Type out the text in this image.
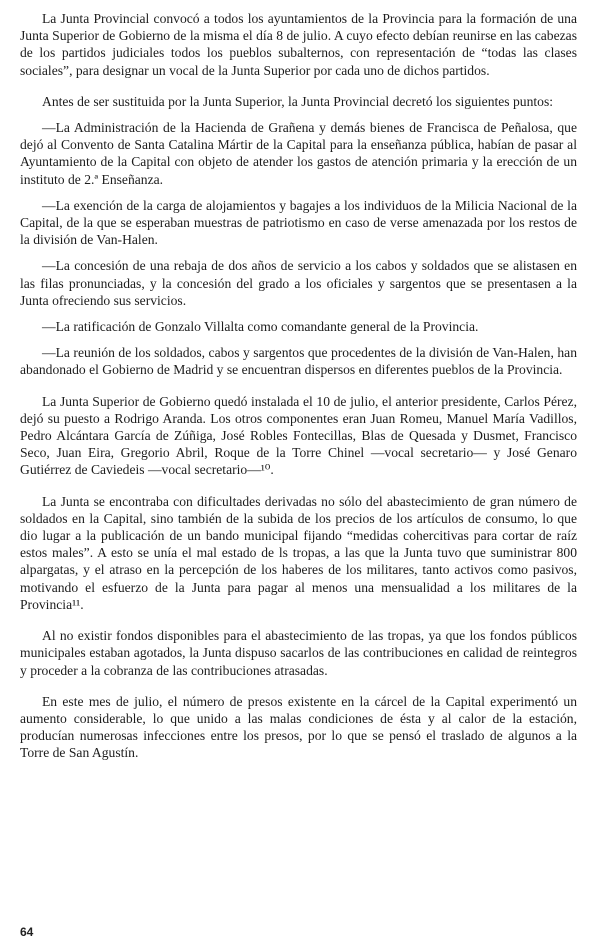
La Junta Provincial convocó a todos los ayuntamientos de la Provincia para la formación de una Junta Superior de Gobierno de la misma el día 8 de julio. A cuyo efecto debían reunirse en las cabezas de los partidos judiciales todos los pueblos subalternos, con representación de “todas las clases sociales”, para designar un vocal de la Junta Superior por cada uno de dichos partidos.

Antes de ser sustituida por la Junta Superior, la Junta Provincial decretó los siguientes puntos:

—La Administración de la Hacienda de Grañena y demás bienes de Francisca de Peñalosa, que dejó al Convento de Santa Catalina Mártir de la Capital para la enseñanza pública, habían de pasar al Ayuntamiento de la Capital con objeto de atender los gastos de atención primaria y la erección de un instituto de 2.ª Enseñanza.

—La exención de la carga de alojamientos y bagajes a los individuos de la Milicia Nacional de la Capital, de la que se esperaban muestras de patriotismo en caso de verse amenazada por los restos de la división de Van-Halen.

—La concesión de una rebaja de dos años de servicio a los cabos y soldados que se alistasen en las filas pronunciadas, y la concesión del grado a los oficiales y sargentos que se presentasen a la Junta ofreciendo sus servicios.

—La ratificación de Gonzalo Villalta como comandante general de la Provincia.

—La reunión de los soldados, cabos y sargentos que procedentes de la división de Van-Halen, han abandonado el Gobierno de Madrid y se encuentran dispersos en diferentes pueblos de la Provincia.

La Junta Superior de Gobierno quedó instalada el 10 de julio, el anterior presidente, Carlos Pérez, dejó su puesto a Rodrigo Aranda. Los otros componentes eran Juan Romeu, Manuel María Vadillos, Pedro Alcántara García de Zúñiga, José Robles Fontecillas, Blas de Quesada y Dusmet, Francisco Seco, Juan Eira, Gregorio Abril, Roque de la Torre Chinel —vocal secretario— y José Genaro Gutiérrez de Caviedeis —vocal secretario—¹⁰.

La Junta se encontraba con dificultades derivadas no sólo del abastecimiento de gran número de soldados en la Capital, sino también de la subida de los precios de los artículos de consumo, lo que dio lugar a la publicación de un bando municipal fijando “medidas cohercitivas para cortar de raíz estos males”. A esto se unía el mal estado de ls tropas, a las que la Junta tuvo que suministrar 800 alpargatas, y el atraso en la percepción de los haberes de los militares, tanto activos como pasivos, motivando el esfuerzo de la Junta para pagar al menos una mensualidad a los militares de la Provincia¹¹.

Al no existir fondos disponibles para el abastecimiento de las tropas, ya que los fondos públicos municipales estaban agotados, la Junta dispuso sacarlos de las contribuciones en calidad de reintegros y proceder a la cobranza de las contribuciones atrasadas.

En este mes de julio, el número de presos existente en la cárcel de la Capital experimentó un aumento considerable, lo que unido a las malas condiciones de ésta y al calor de la estación, producían numerosas infecciones entre los presos, por lo que se pensó el traslado de algunos a la Torre de San Agustín.

64
